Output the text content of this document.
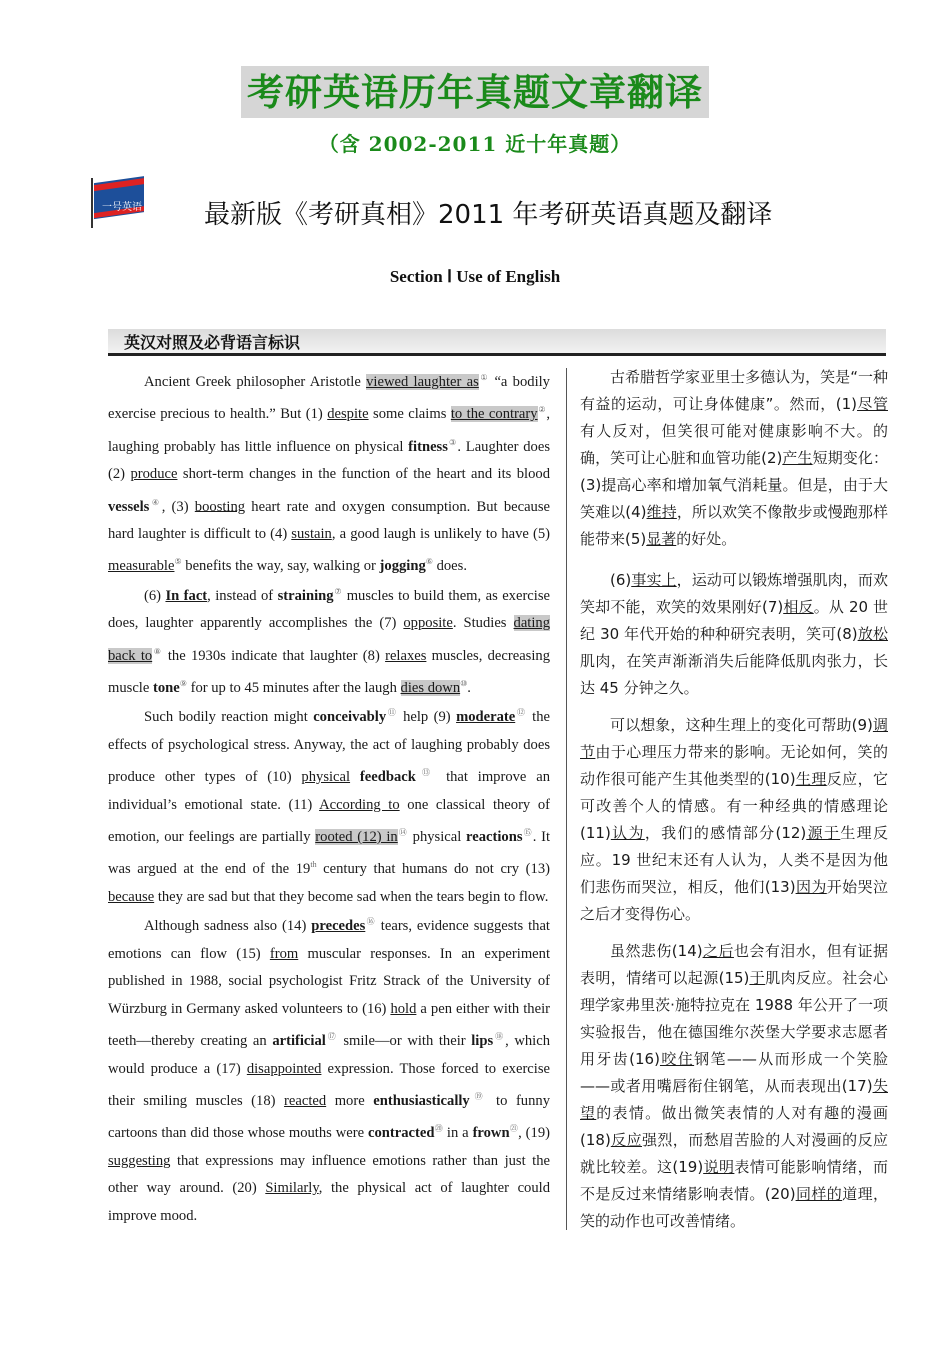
考研英语历年真题文章翻译
（含 2002-2011 近十年真题）
一号英语 最新版《考研真相》2011 年考研英语真题及翻译
Section Ⅰ Use of English
英汉对照及必背语言标识

Ancient Greek philosopher Aristotle viewed laughter as① “a bodily exercise precious to health.” But (1) despite some claims to the contrary②, laughing probably has little influence on physical fitness③. Laughter does (2) produce short-term changes in the function of the heart and its blood vessels④, (3) boosting heart rate and oxygen consumption. But because hard laughter is difficult to (4) sustain, a good laugh is unlikely to have (5) measurable⑤ benefits the way, say, walking or jogging⑥ does.

(6) In fact, instead of straining⑦ muscles to build them, as exercise does, laughter apparently accomplishes the (7) opposite. Studies dating back to⑧ the 1930s indicate that laughter (8) relaxes muscles, decreasing muscle tone⑨ for up to 45 minutes after the laugh dies down⑩.

Such bodily reaction might conceivably⑪ help (9) moderate⑫ the effects of psychological stress. Anyway, the act of laughing probably does produce other types of (10) physical feedback⑬ that improve an individual’s emotional state. (11) According to one classical theory of emotion, our feelings are partially rooted (12) in⑭ physical reactions⑮. It was argued at the end of the 19th century that humans do not cry (13) because they are sad but that they become sad when the tears begin to flow.

Although sadness also (14) precedes⑯ tears, evidence suggests that emotions can flow (15) from muscular responses. In an experiment published in 1988, social psychologist Fritz Strack of the University of Würzburg in Germany asked volunteers to (16) hold a pen either with their teeth—thereby creating an artificial⑰ smile—or with their lips⑱, which would produce a (17) disappointed expression. Those forced to exercise their smiling muscles (18) reacted more enthusiastically⑲ to funny cartoons than did those whose mouths were contracted⑳ in a frown$^㉑$, (19) suggesting that expressions may influence emotions rather than just the other way around. (20) Similarly, the physical act of laughter could improve mood.

古希腊哲学家亚里士多德认为，笑是“一种有益的运动，可让身体健康”。然而，(1)尽管有人反对，但笑很可能对健康影响不大。的确，笑可让心脏和血管功能(2)产生短期变化：(3)提高心率和增加氧气消耗量。但是，由于大笑难以(4)维持，所以欢笑不像散步或慢跑那样能带来(5)显著的好处。

(6)事实上，运动可以锻炼增强肌肉，而欢笑却不能，欢笑的效果刚好(7)相反。从 20 世纪 30 年代开始的种种研究表明，笑可(8)放松肌肉，在笑声渐渐消失后能降低肌肉张力，长达 45 分钟之久。

可以想象，这种生理上的变化可帮助(9)调节由于心理压力带来的影响。无论如何，笑的动作很可能产生其他类型的(10)生理反应，它可改善个人的情感。有一种经典的情感理论(11)认为，我们的感情部分(12)源于生理反应。19 世纪末还有人认为，人类不是因为他们悲伤而哭泣，相反，他们(13)因为开始哭泣之后才变得伤心。

虽然悲伤(14)之后也会有泪水，但有证据表明，情绪可以起源(15)于肌肉反应。社会心理学家弗里茨·施特拉克在 1988 年公开了一项实验报告，他在德国维尔茨堡大学要求志愿者用牙齿(16)咬住钢笔——从而形成一个笑脸——或者用嘴唇衔住钢笔，从而表现出(17)失望的表情。做出微笑表情的人对有趣的漫画(18)反应强烈，而愁眉苦脸的人对漫画的反应就比较差。这(19)说明表情可能影响情绪，而不是反过来情绪影响表情。(20)同样的道理，笑的动作也可改善情绪。
